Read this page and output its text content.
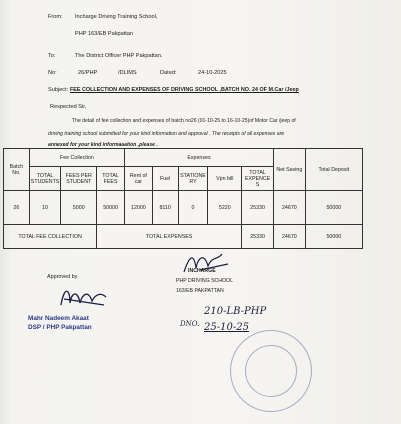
From: Incharge Driving Training School,
PHP 163/EB Pakpattan
To:	The District Officer PHP Pakpattan.
No:	26/PHP	/DLIMS	Dated:	24-10-2025
Subject: FEE COLLECTION AND EXPENSES OF DRIVING SCHOOL ,BATCH NO. 24 OF M.Car /Jeep
Respected Sir,
The detail of fee collection and expenses of batch no26 (01-10-25 to 16-10-25)of Motor Car /jeep of
driving training school submitted for your kind information and approval . The receipts of all expenses are
annexed for your kind informaaation ,please .
Batch No.	Fee Collection			Expenses					Net Saving	Total Deposit
	TOTAL STUDENTS	FEES PER STUDENT	TOTAL FEES	Rent of car	Fuel	STATIONE RY	Vpn bill	TOTAL EXPENCE S		
26	10	5000	50000	12000	8110	0	5220	25330	24670	50000
TOTAL FEE COLLECTION			TOTAL EXPENSES					25330	24670	50000
INCHARGE
PHP DRIVING SCHOOL
163/EB PAKPATTAN
Approved by
Mahr Nadeem Akaat
DSP / PHP Pakpattan	DNO.
210-LB-PHP
25-10-25
